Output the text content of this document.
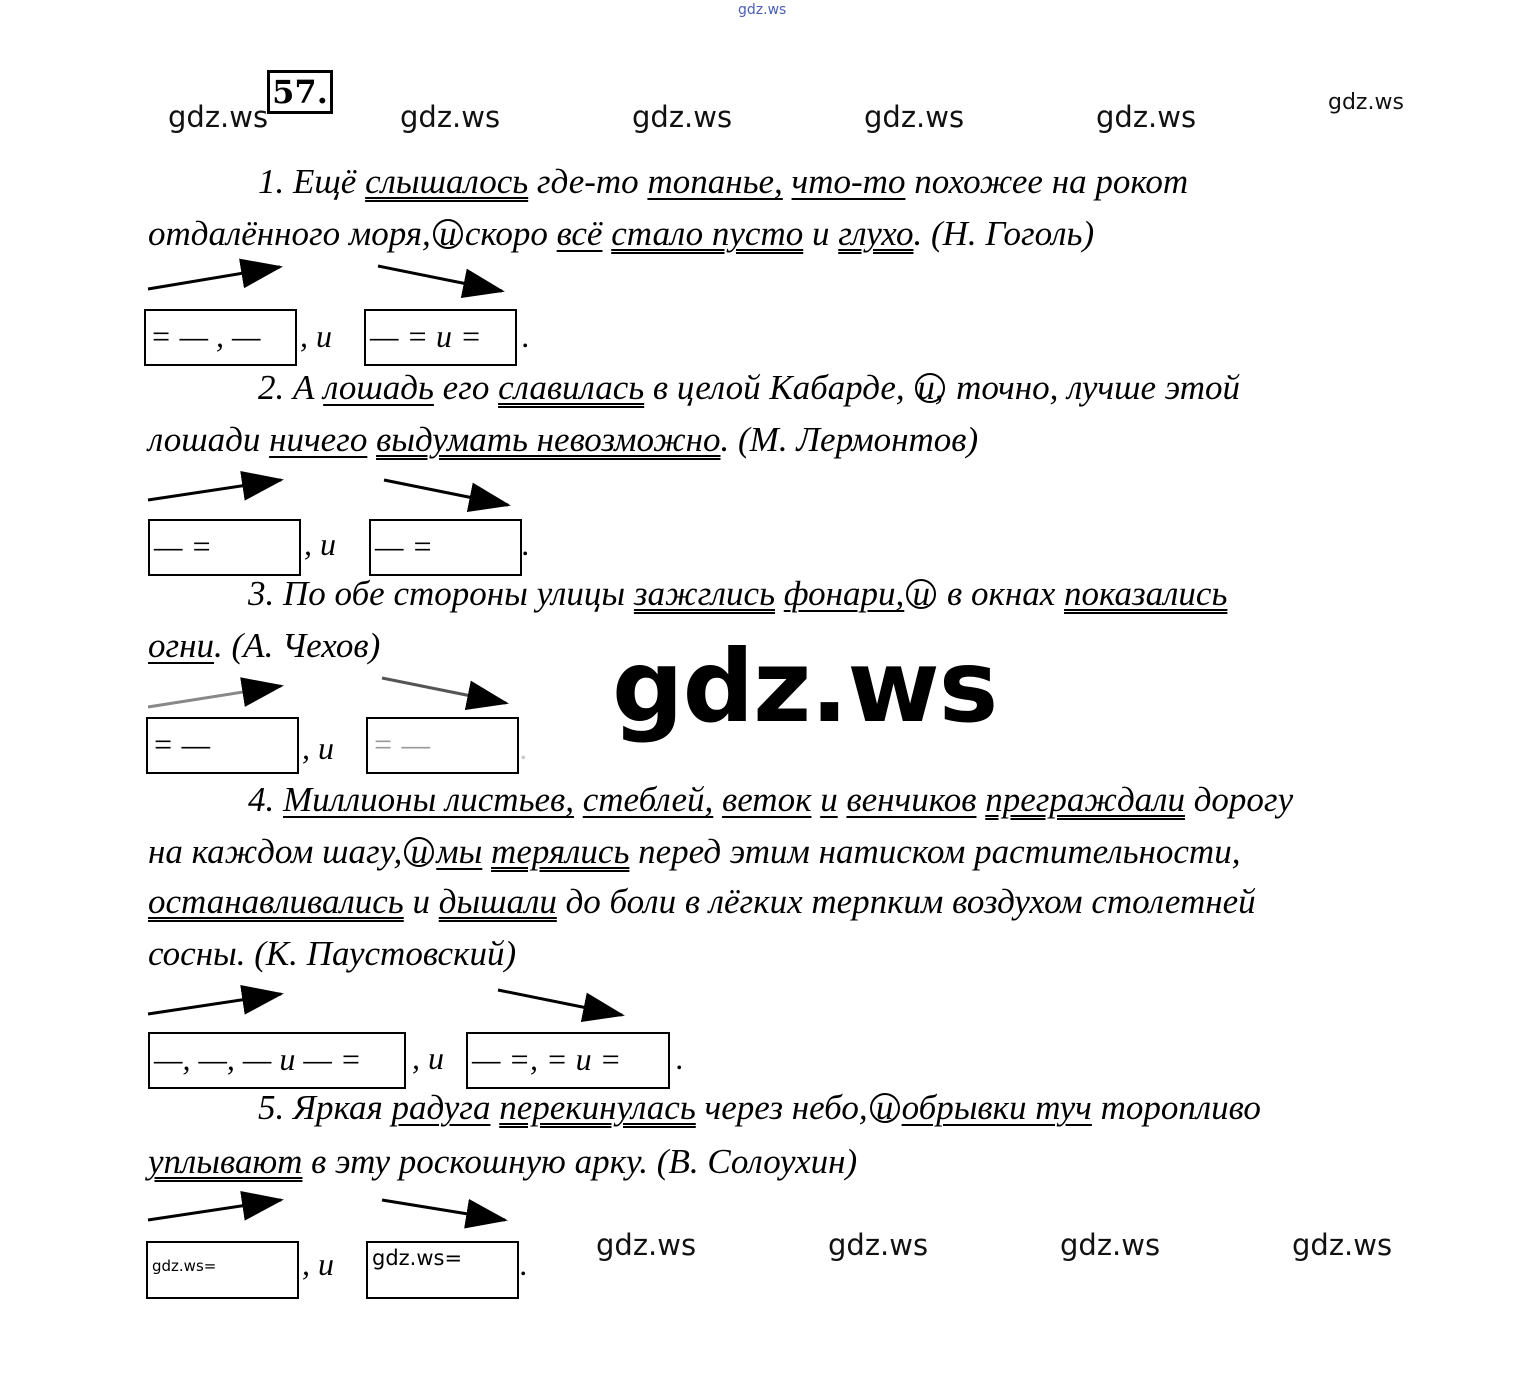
gdz.ws
gdz.ws	gdz.ws	gdz.ws	gdz.ws	gdz.ws	gdz.ws
57.
1. Ещё слышалось где-то топанье, что-то похожее на рокот
отдалённого моря, и скоро всё стало пусто и глухо. (Н. Гоголь)
= — , —	, и — = и =	.
2. А лошадь его славилась в целой Кабарде, и, точно, лучше этой
лошади ничего выдумать невозможно. (М. Лермонтов)
— =	, и — =	.
3. По обе стороны улицы зажглись фонари, и в окнах показались
огни. (А. Чехов)
= —	, и = —	.
gdz.ws
4. Миллионы листьев, стеблей, веток и венчиков преграждали дорогу
на каждом шагу, и мы терялись перед этим натиском растительности,
останавливались и дышали до боли в лёгких терпким воздухом столетней
сосны. (К. Паустовский)
—, —, — и — =	, и — =, = и =	.
5. Яркая радуга перекинулась через небо, и обрывки туч торопливо
уплывают в эту роскошную арку. (В. Солоухин)
gdz.ws=	, и gdz.ws=	.
gdz.ws	gdz.ws	gdz.ws	gdz.ws
